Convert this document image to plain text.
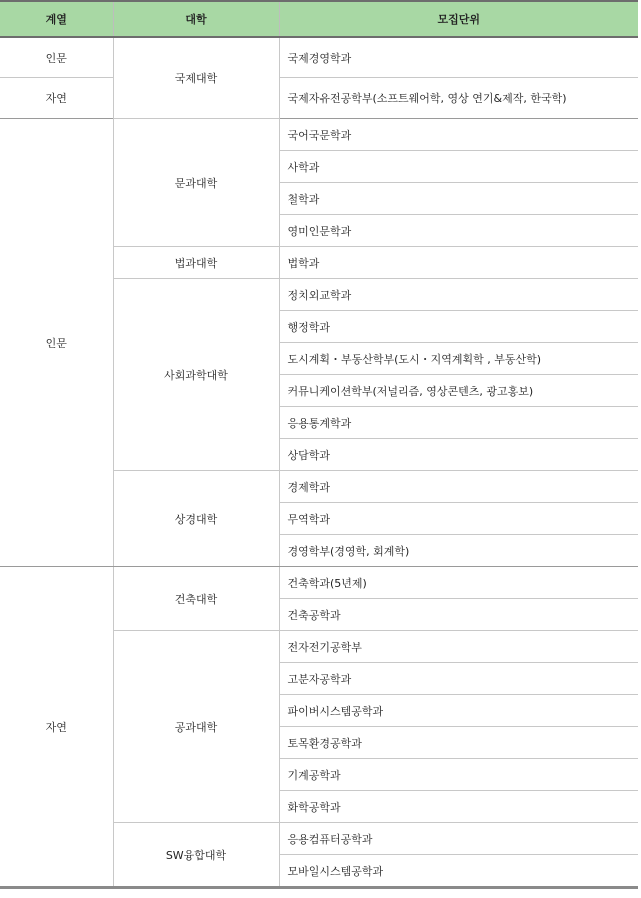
계열	대학	모집단위
인문	국제대학	국제경영학과
자연		국제자유전공학부(소프트웨어학, 영상 연기&제작, 한국학)
인문	문과대학	국어국문학과
		사학과
		철학과
		영미인문학과
	법과대학	법학과
	사회과학대학	정치외교학과
		행정학과
		도시계획・부동산학부(도시・지역계획학 , 부동산학)
		커뮤니케이션학부(저널리즘, 영상콘텐츠, 광고홍보)
		응용통계학과
		상담학과
	상경대학	경제학과
		무역학과
		경영학부(경영학, 회계학)
자연	건축대학	건축학과(5년제)
		건축공학과
	공과대학	전자전기공학부
		고분자공학과
		파이버시스템공학과
		토목환경공학과
		기계공학과
		화학공학과
	SW융합대학	응용컴퓨터공학과
		모바일시스템공학과
